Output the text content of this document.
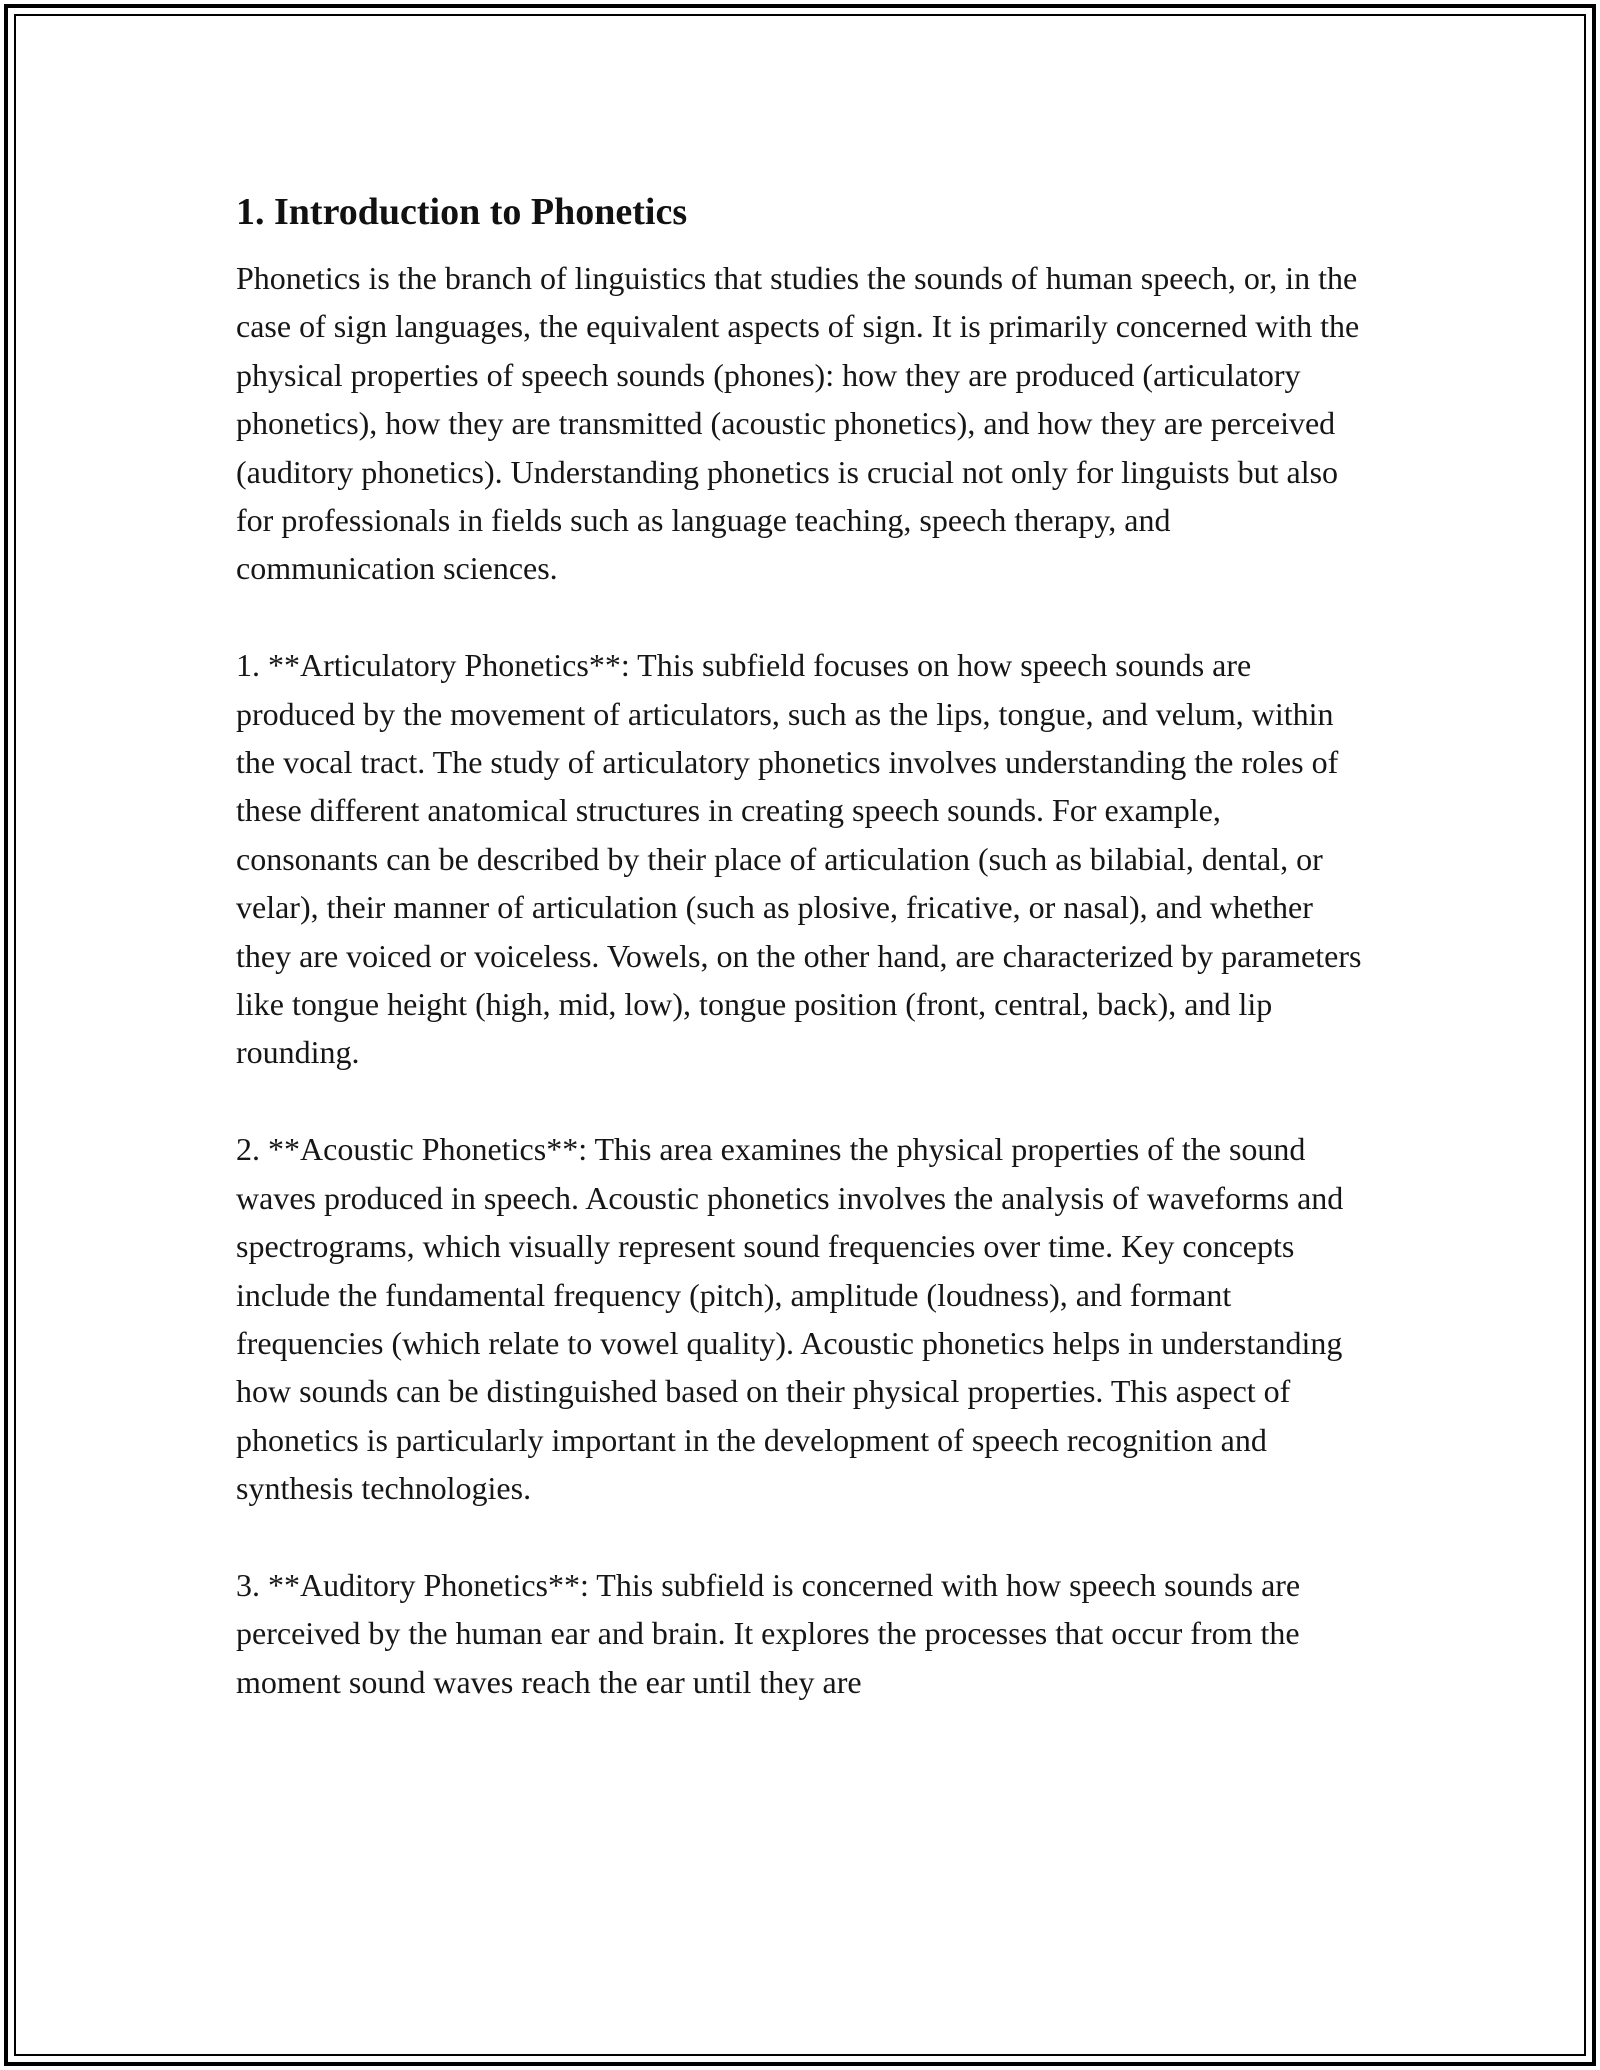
1. Introduction to Phonetics

Phonetics is the branch of linguistics that studies the sounds of human speech, or, in the case of sign languages, the equivalent aspects of sign. It is primarily concerned with the physical properties of speech sounds (phones): how they are produced (articulatory phonetics), how they are transmitted (acoustic phonetics), and how they are perceived (auditory phonetics). Understanding phonetics is crucial not only for linguists but also for professionals in fields such as language teaching, speech therapy, and communication sciences.

1. **Articulatory Phonetics**: This subfield focuses on how speech sounds are produced by the movement of articulators, such as the lips, tongue, and velum, within the vocal tract. The study of articulatory phonetics involves understanding the roles of these different anatomical structures in creating speech sounds. For example, consonants can be described by their place of articulation (such as bilabial, dental, or velar), their manner of articulation (such as plosive, fricative, or nasal), and whether they are voiced or voiceless. Vowels, on the other hand, are characterized by parameters like tongue height (high, mid, low), tongue position (front, central, back), and lip rounding.

2. **Acoustic Phonetics**: This area examines the physical properties of the sound waves produced in speech. Acoustic phonetics involves the analysis of waveforms and spectrograms, which visually represent sound frequencies over time. Key concepts include the fundamental frequency (pitch), amplitude (loudness), and formant frequencies (which relate to vowel quality). Acoustic phonetics helps in understanding how sounds can be distinguished based on their physical properties. This aspect of phonetics is particularly important in the development of speech recognition and synthesis technologies.

3. **Auditory Phonetics**: This subfield is concerned with how speech sounds are perceived by the human ear and brain. It explores the processes that occur from the moment sound waves reach the ear until they are
